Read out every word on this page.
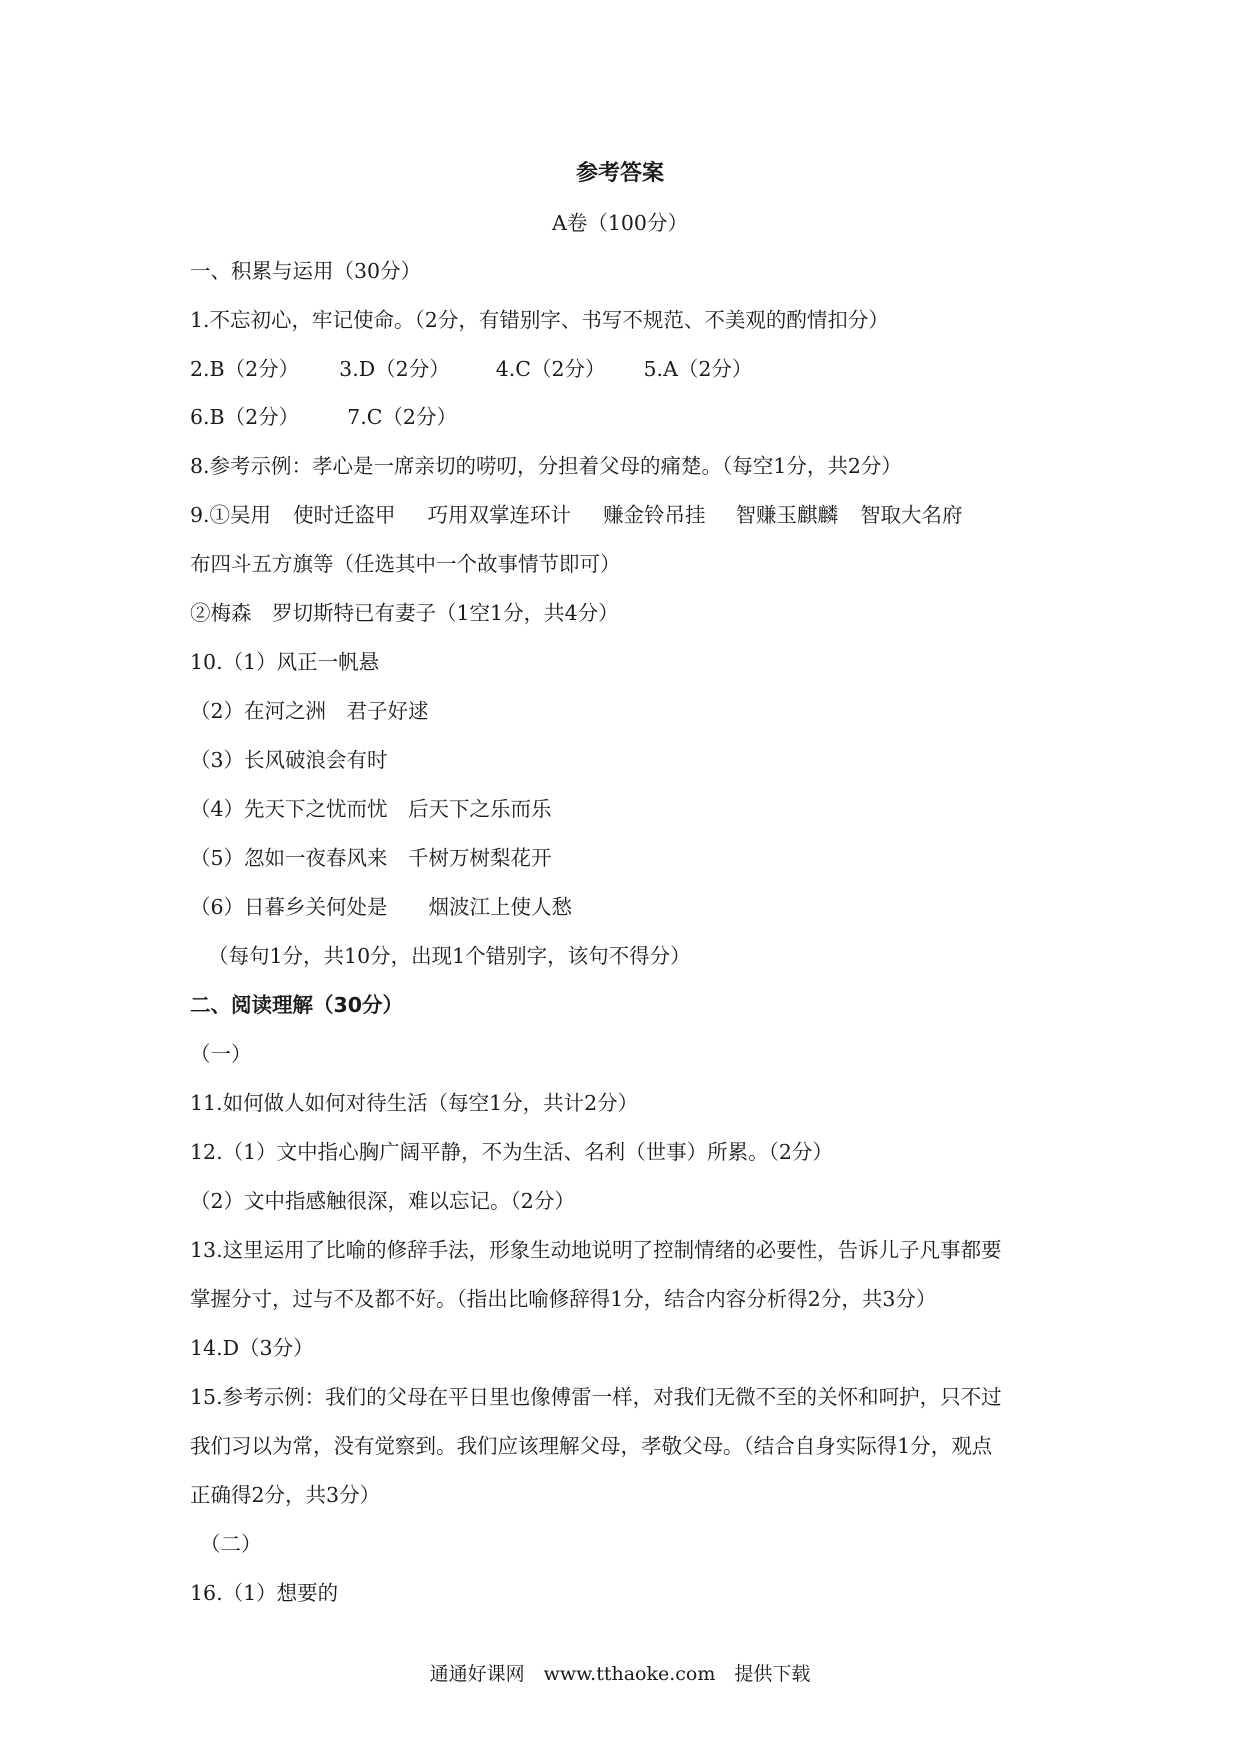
参考答案
A卷（100分）
一、积累与运用（30分）
1.不忘初心，牢记使命。（2分，有错别字、书写不规范、不美观的酌情扣分）
2.B（2分） 3.D（2分） 4.C（2分） 5.A（2分）
6.B（2分） 7.C（2分）
8.参考示例：孝心是一席亲切的唠叨，分担着父母的痛楚。（每空1分，共2分）
9.①吴用 使时迁盗甲 巧用双掌连环计 赚金铃吊挂 智赚玉麒麟 智取大名府
布四斗五方旗等（任选其中一个故事情节即可）
②梅森　罗切斯特已有妻子（1空1分，共4分）
10.（1）风正一帆悬
（2）在河之洲　君子好逑
（3）长风破浪会有时
（4）先天下之忧而忧　后天下之乐而乐
（5）忽如一夜春风来　千树万树梨花开
（6）日暮乡关何处是　　烟波江上使人愁
（每句1分，共10分，出现1个错别字，该句不得分）
二、阅读理解（30分）
（一）
11.如何做人如何对待生活（每空1分，共计2分）
12.（1）文中指心胸广阔平静，不为生活、名利（世事）所累。（2分）
（2）文中指感触很深，难以忘记。（2分）
13.这里运用了比喻的修辞手法，形象生动地说明了控制情绪的必要性，告诉儿子凡事都要
掌握分寸，过与不及都不好。（指出比喻修辞得1分，结合内容分析得2分，共3分）
14.D（3分）
15.参考示例：我们的父母在平日里也像傅雷一样，对我们无微不至的关怀和呵护，只不过
我们习以为常，没有觉察到。我们应该理解父母，孝敬父母。（结合自身实际得1分，观点
正确得2分，共3分）
（二）
16.（1）想要的
通通好课网　www.tthaoke.com　提供下载
